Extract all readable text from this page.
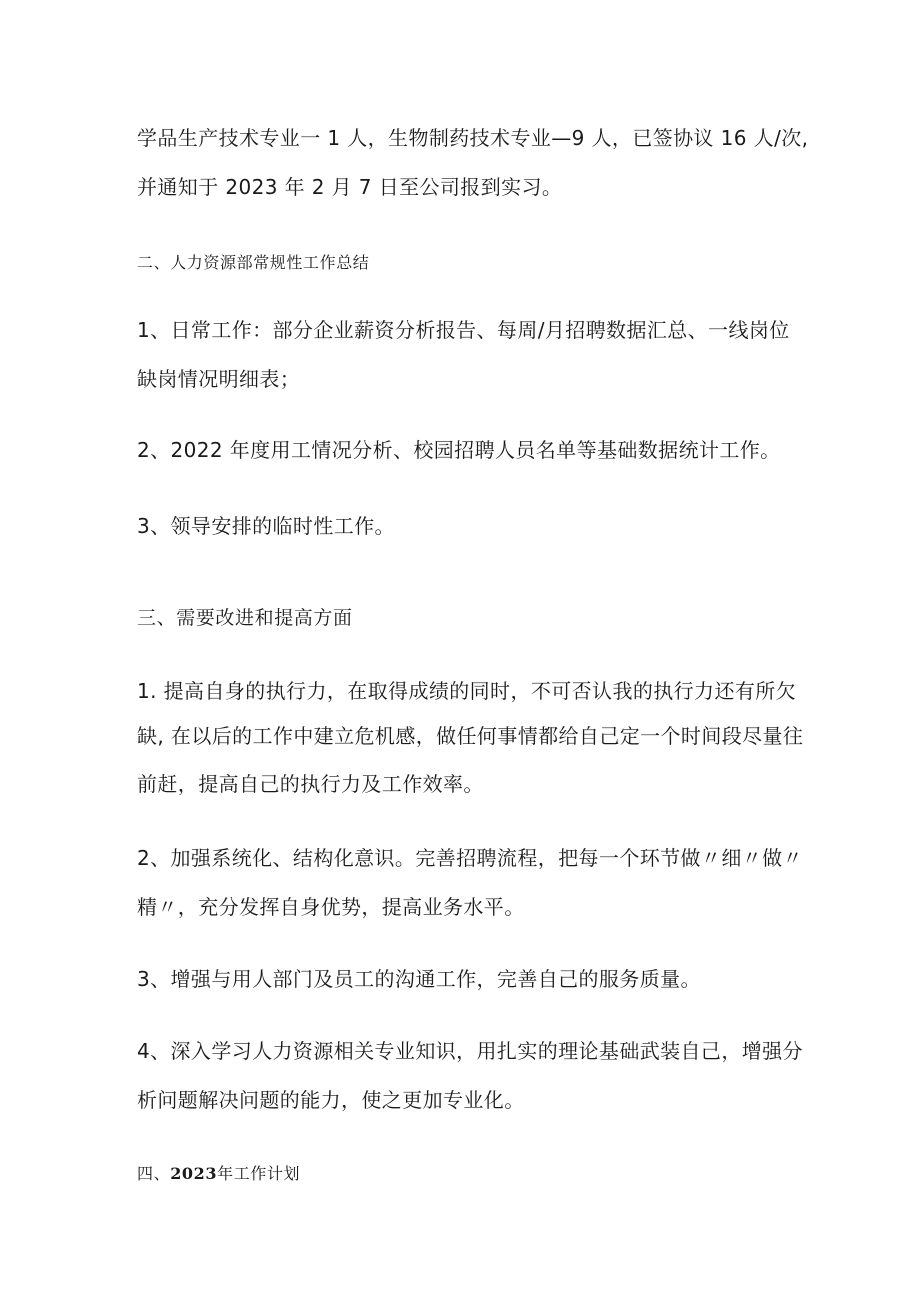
学品生产技术专业一 1 人，生物制药技术专业—9 人，已签协议 16 人/次,
并通知于 2023 年 2 月 7 日至公司报到实习。
二、人力资源部常规性工作总结
1、日常工作：部分企业薪资分析报告、每周/月招聘数据汇总、一线岗位
缺岗情况明细表；
2、2022 年度用工情况分析、校园招聘人员名单等基础数据统计工作。
3、领导安排的临时性工作。
三、需要改进和提高方面
1. 提高自身的执行力，在取得成绩的同时，不可否认我的执行力还有所欠
缺, 在以后的工作中建立危机感，做任何事情都给自己定一个时间段尽量往
前赶，提高自己的执行力及工作效率。
2、加强系统化、结构化意识。完善招聘流程，把每一个环节做〃细〃做〃
精〃，充分发挥自身优势，提高业务水平。
3、增强与用人部门及员工的沟通工作，完善自己的服务质量。
4、深入学习人力资源相关专业知识，用扎实的理论基础武装自己，增强分
析问题解决问题的能力，使之更加专业化。
四、2023年工作计划
